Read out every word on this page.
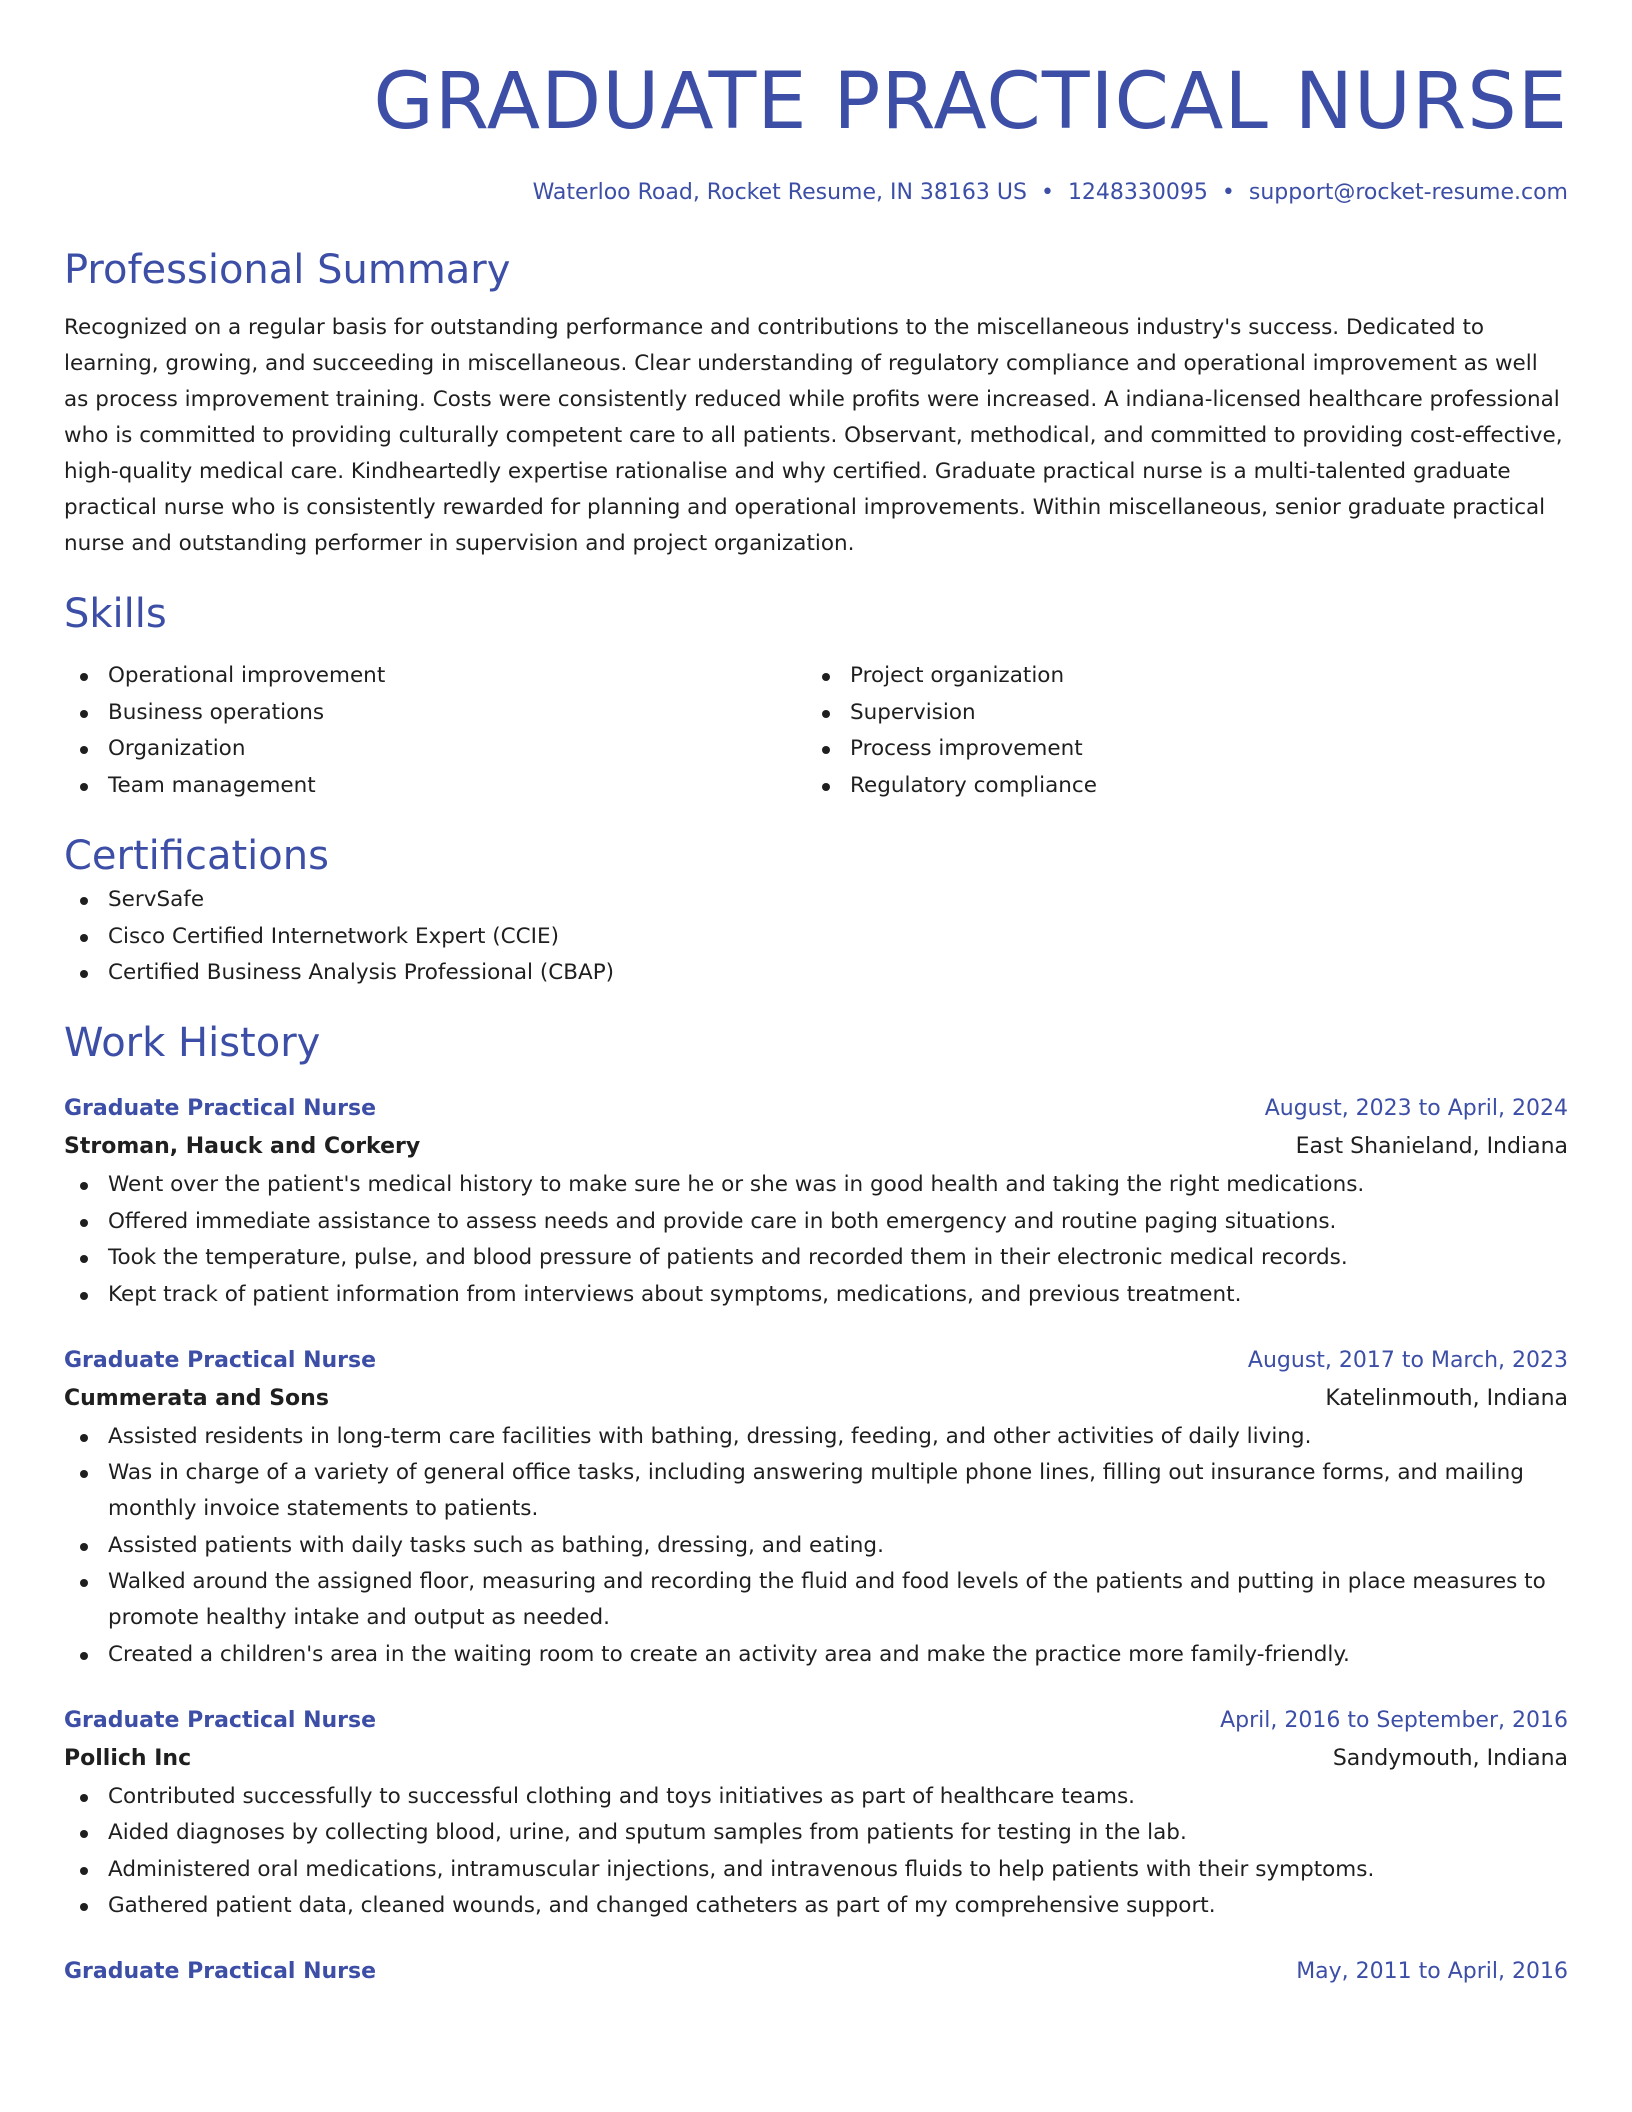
GRADUATE PRACTICAL NURSE
Waterloo Road, Rocket Resume, IN 38163 US • 1248330095 • support@rocket-resume.com
Professional Summary
Recognized on a regular basis for outstanding performance and contributions to the miscellaneous industry's success. Dedicated to learning, growing, and succeeding in miscellaneous. Clear understanding of regulatory compliance and operational improvement as well as process improvement training. Costs were consistently reduced while profits were increased. A indiana-licensed healthcare professional who is committed to providing culturally competent care to all patients. Observant, methodical, and committed to providing cost-effective, high-quality medical care. Kindheartedly expertise rationalise and why certified. Graduate practical nurse is a multi-talented graduate practical nurse who is consistently rewarded for planning and operational improvements. Within miscellaneous, senior graduate practical nurse and outstanding performer in supervision and project organization.
Skills
Operational improvement
Business operations
Organization
Team management
Project organization
Supervision
Process improvement
Regulatory compliance
Certifications
ServSafe
Cisco Certified Internetwork Expert (CCIE)
Certified Business Analysis Professional (CBAP)
Work History
Graduate Practical Nurse	August, 2023 to April, 2024
Stroman, Hauck and Corkery	East Shanieland, Indiana
Went over the patient's medical history to make sure he or she was in good health and taking the right medications.
Offered immediate assistance to assess needs and provide care in both emergency and routine paging situations.
Took the temperature, pulse, and blood pressure of patients and recorded them in their electronic medical records.
Kept track of patient information from interviews about symptoms, medications, and previous treatment.
Graduate Practical Nurse	August, 2017 to March, 2023
Cummerata and Sons	Katelinmouth, Indiana
Assisted residents in long-term care facilities with bathing, dressing, feeding, and other activities of daily living.
Was in charge of a variety of general office tasks, including answering multiple phone lines, filling out insurance forms, and mailing monthly invoice statements to patients.
Assisted patients with daily tasks such as bathing, dressing, and eating.
Walked around the assigned floor, measuring and recording the fluid and food levels of the patients and putting in place measures to promote healthy intake and output as needed.
Created a children's area in the waiting room to create an activity area and make the practice more family-friendly.
Graduate Practical Nurse	April, 2016 to September, 2016
Pollich Inc	Sandymouth, Indiana
Contributed successfully to successful clothing and toys initiatives as part of healthcare teams.
Aided diagnoses by collecting blood, urine, and sputum samples from patients for testing in the lab.
Administered oral medications, intramuscular injections, and intravenous fluids to help patients with their symptoms.
Gathered patient data, cleaned wounds, and changed catheters as part of my comprehensive support.
Graduate Practical Nurse	May, 2011 to April, 2016
